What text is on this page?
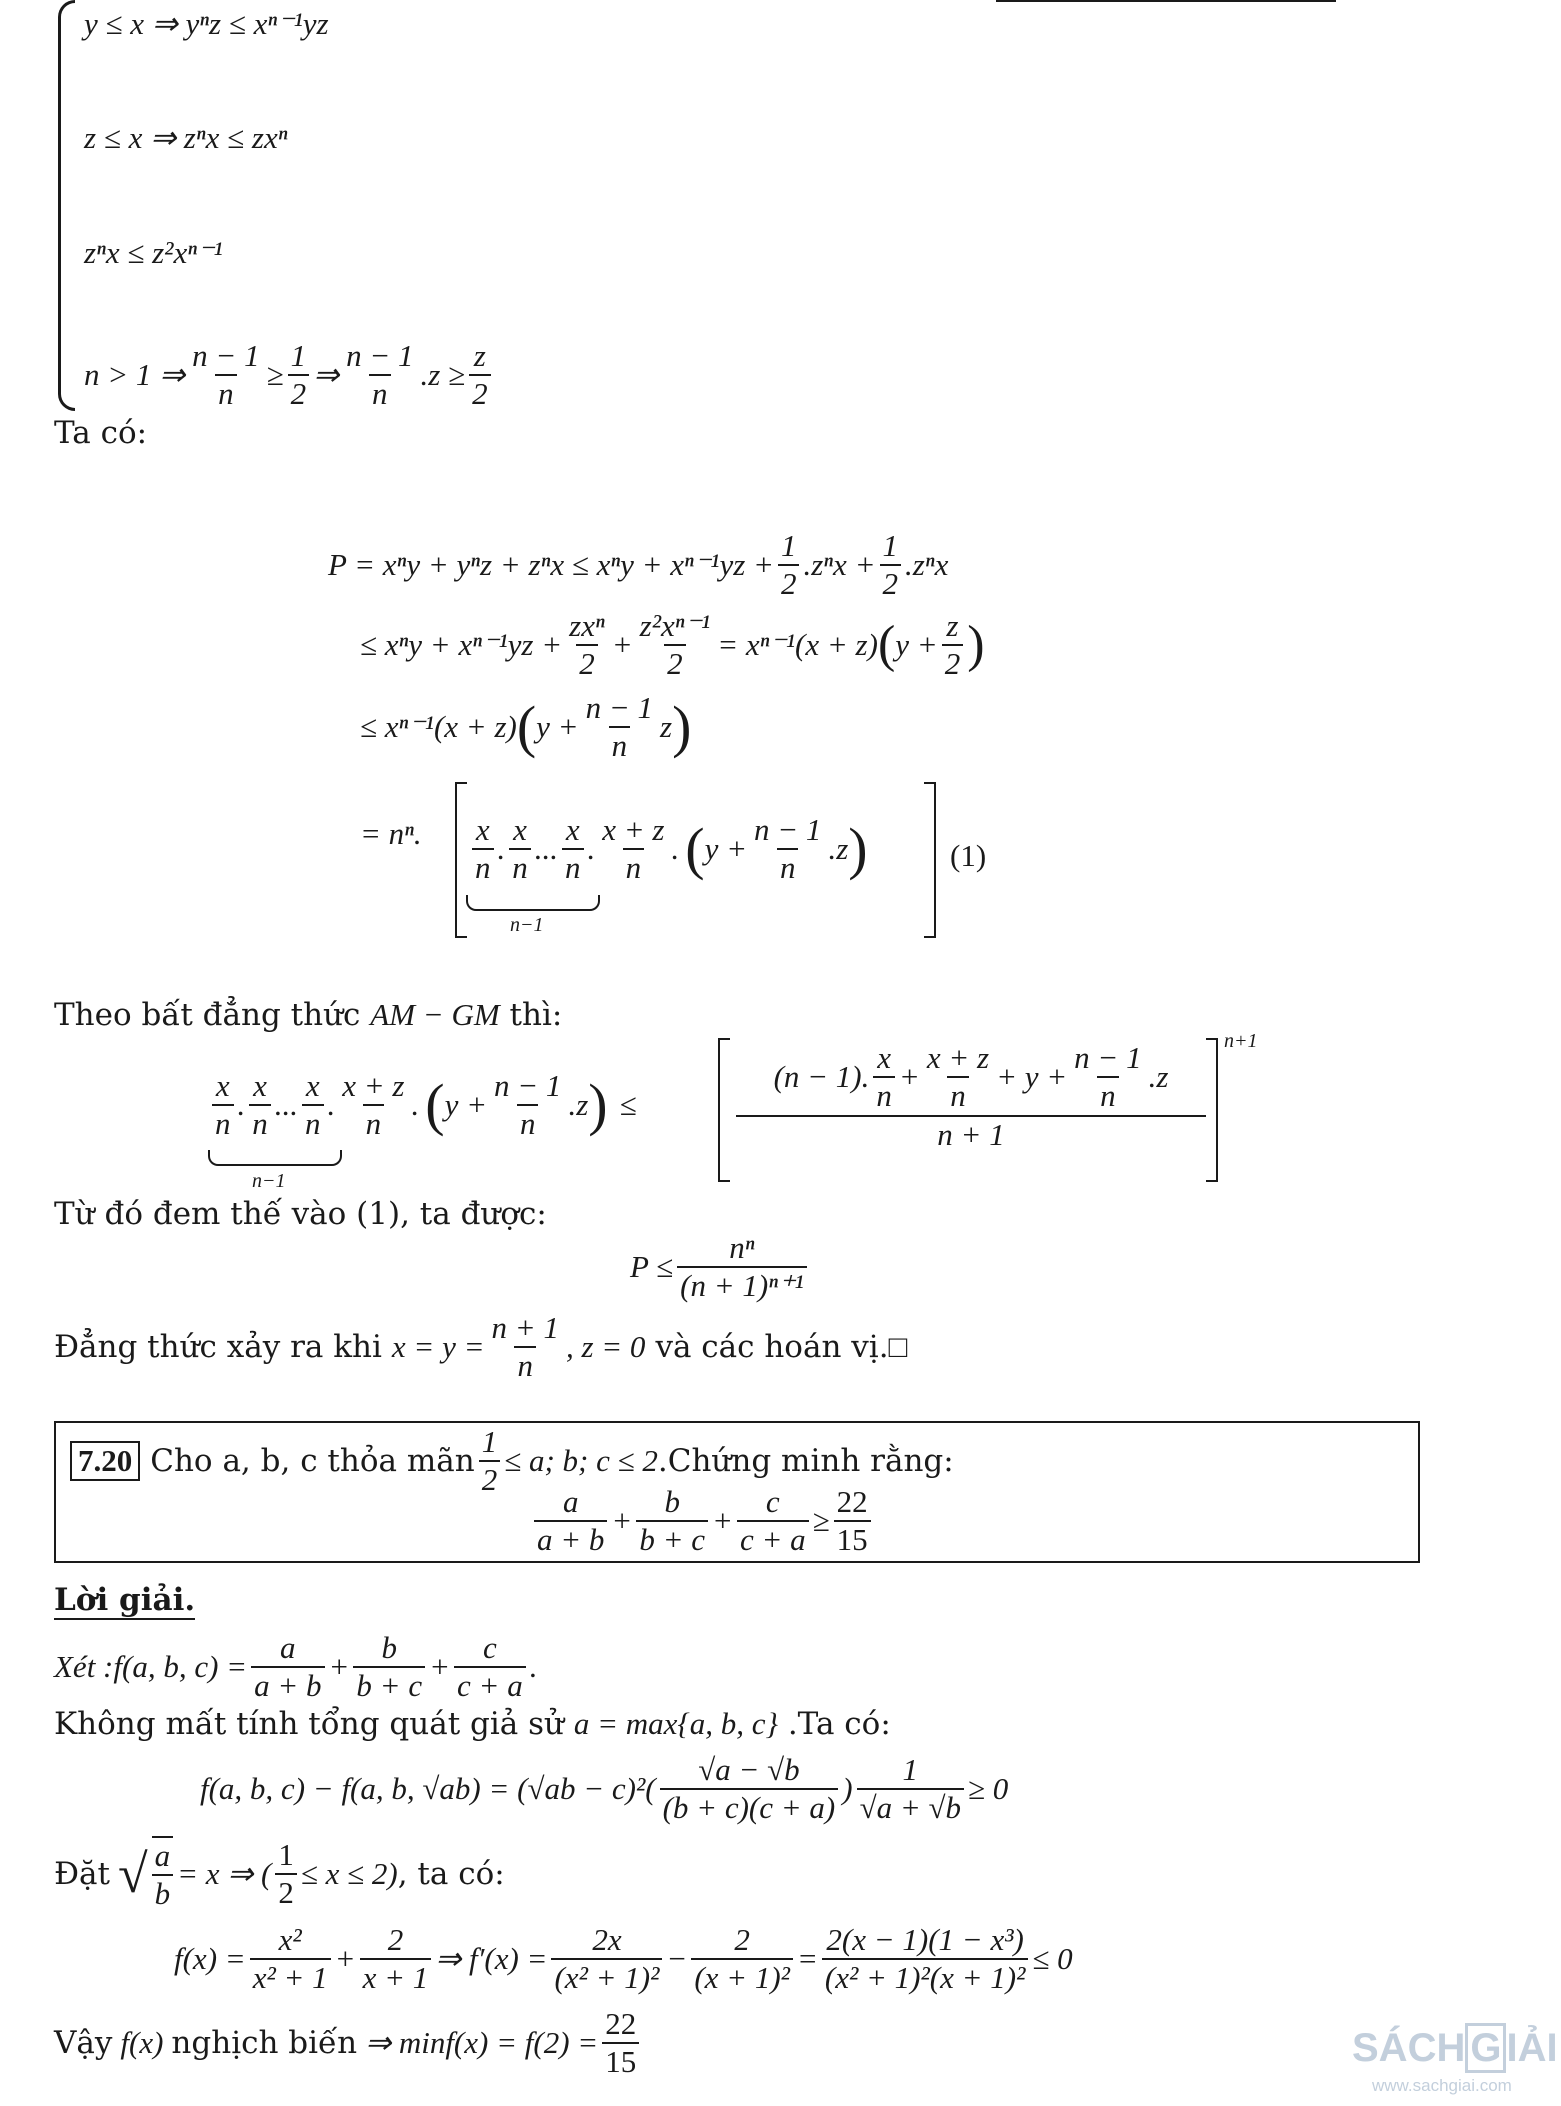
y ≤ x ⇒ yⁿz ≤ xⁿ⁻¹yz
z ≤ x ⇒ zⁿx ≤ zxⁿ
zⁿx ≤ z²xⁿ⁻¹
n > 1 ⇒ $\frac{n - 1}{n} \ge \frac{1}{2}$ ⇒ $\frac{n - 1}{n} .z \ge \frac{z}{2}$
Ta có:
$P = x^ny + y^nz + z^nx \le x^ny + x^{n-1}yz + \frac{1}{2} .z^nx + \frac{1}{2} .z^nx$
≤ $x^ny + x^{n-1}yz + \frac{\text{zxⁿ}}{2} + \frac{\text{z²xⁿ⁻¹}}{2} = x^{n-1}(x + z)$ ( $y + \frac{z}{2}$ )
≤ xⁿ⁻¹(x + z) ( $y + \frac{n - 1}{n}$ z )
= nⁿ. $\frac{x}{n}$ . $\frac{x}{n}$ ... $\frac{x}{n}$ . $\frac{x + z}{n}$ . ( $y + \frac{n - 1}{n} .z$ )
n−1
(1)
Theo bất đẳng thức AM − GM thì:
$\frac{x}{n}$ . $\frac{x}{n}$ ... $\frac{x}{n}$ . $\frac{x + z}{n}$ . ( $y + \frac{n - 1}{n} .z$ ) ≤
n−1
(n − 1). $\frac{x}{n} + \frac{x + z}{n} + y + \frac{n - 1}{n} .z$
n + 1
n+1
Từ đó đem thế vào (1), ta được:
$P \le \frac{\text{nⁿ}}{\text{(n + 1)ⁿ⁺¹}}$
Đẳng thức xảy ra khi $x = y = \frac{n + 1}{n}$ , z = 0 và các hoán vị. □
7.20 Cho a, b, c thỏa mãn $\frac{1}{2} \le a$; b; c ≤ 2 .Chứng minh rằng:
$\frac{a}{a + b} + \frac{b}{b + c} + \frac{c}{c + a} \ge \frac{22}{15}$
Lời giải.
Xét :f(a, b, $c) = \frac{a}{a + b} + \frac{b}{b + c} + \frac{c}{c + a}$ .
Không mất tính tổng quát giả sử a = max{a, b, c} .Ta có:
f(a, b, c) − f(a, b, $√ab) = (√ab - c)^2( \frac{√a - √b}{(b + c)(c + a)}$ ) $\frac{1}{√a + √b} \ge 0$
Đặt √ $\frac{a}{b} = x$ ⇒ ( $\frac{1}{2} \le x \le 2$) , ta có:
$f(x) = \frac{\text{x²}}{\text{x² + 1}} + \frac{2}{x + 1}$ ⇒ $f'(x) = \frac{2x}{\text{(x² + 1)²}} - \frac{2}{\text{(x + 1)²}} = \frac{\text{2(x − 1)(1 − x³)}}{\text{(x² + 1)²(x + 1)²}} \le 0$
Vậy f(x) nghịch biến ⇒ $\min f(x) = f(2) = \frac{22}{15}$	SÁCH G IẢI
www.sachgiai.com
